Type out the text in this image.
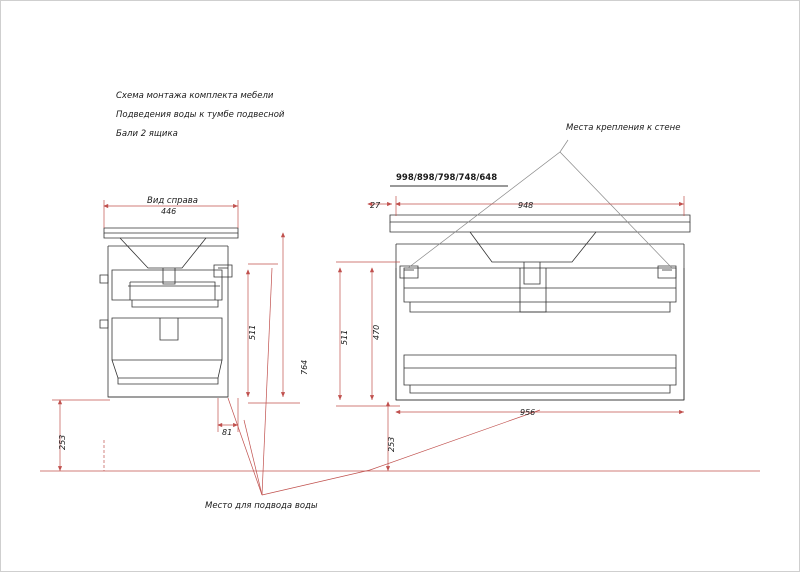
Схема монтажа комплекта мебели
Подведения воды к тумбе подвесной
Бали 2 ящика
998/898/798/748/648
Места крепления к стене
Место для подвода воды
Вид справа
446
511
764
253
81
27	948
511	470
956
253
